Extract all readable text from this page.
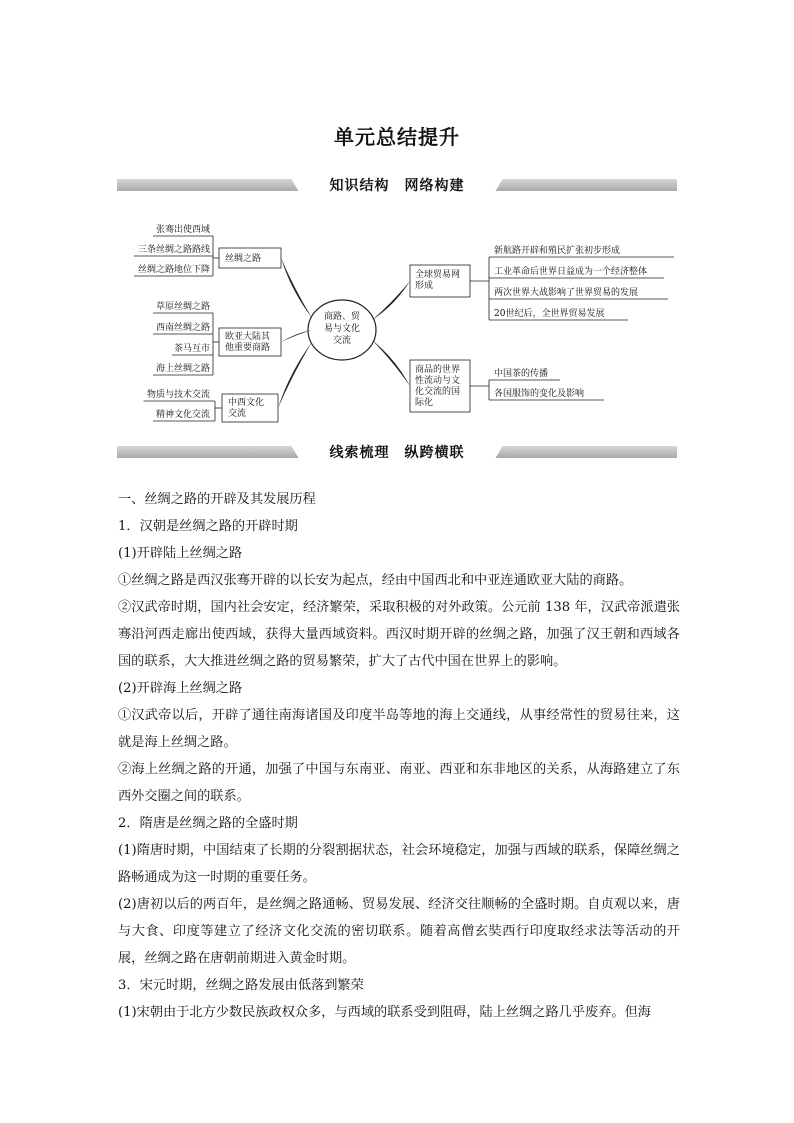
单元总结提升
知识结构　网络构建
商路、贸易与文化交流
丝绸之路
张骞出使西域
三条丝绸之路路线
丝绸之路地位下降
欧亚大陆其他重要商路
草原丝绸之路
西南丝绸之路
茶马互市
海上丝绸之路
中西文化交流
物质与技术交流
精神文化交流
全球贸易网形成
新航路开辟和殖民扩张初步形成
工业革命后世界日益成为一个经济整体
两次世界大战影响了世界贸易的发展
20世纪后，全世界贸易发展
商品的世界性流动与文化交流的国际化
中国茶的传播
各国服饰的变化及影响
线索梳理　纵跨横联

一、丝绸之路的开辟及其发展历程

1．汉朝是丝绸之路的开辟时期

(1)开辟陆上丝绸之路

①丝绸之路是西汉张骞开辟的以长安为起点，经由中国西北和中亚连通欧亚大陆的商路。

②汉武帝时期，国内社会安定，经济繁荣，采取积极的对外政策。公元前 138 年，汉武帝派遣张骞沿河西走廊出使西域，获得大量西域资料。西汉时期开辟的丝绸之路，加强了汉王朝和西域各国的联系，大大推进丝绸之路的贸易繁荣，扩大了古代中国在世界上的影响。

(2)开辟海上丝绸之路

①汉武帝以后，开辟了通往南海诸国及印度半岛等地的海上交通线，从事经常性的贸易往来，这就是海上丝绸之路。

②海上丝绸之路的开通，加强了中国与东南亚、南亚、西亚和东非地区的关系，从海路建立了东西外交圈之间的联系。

2．隋唐是丝绸之路的全盛时期

(1)隋唐时期，中国结束了长期的分裂割据状态，社会环境稳定，加强与西域的联系，保障丝绸之路畅通成为这一时期的重要任务。

(2)唐初以后的两百年，是丝绸之路通畅、贸易发展、经济交往顺畅的全盛时期。自贞观以来，唐与大食、印度等建立了经济文化交流的密切联系。随着高僧玄奘西行印度取经求法等活动的开展，丝绸之路在唐朝前期进入黄金时期。

3．宋元时期，丝绸之路发展由低落到繁荣

(1)宋朝由于北方少数民族政权众多，与西域的联系受到阻碍，陆上丝绸之路几乎废弃。但海
